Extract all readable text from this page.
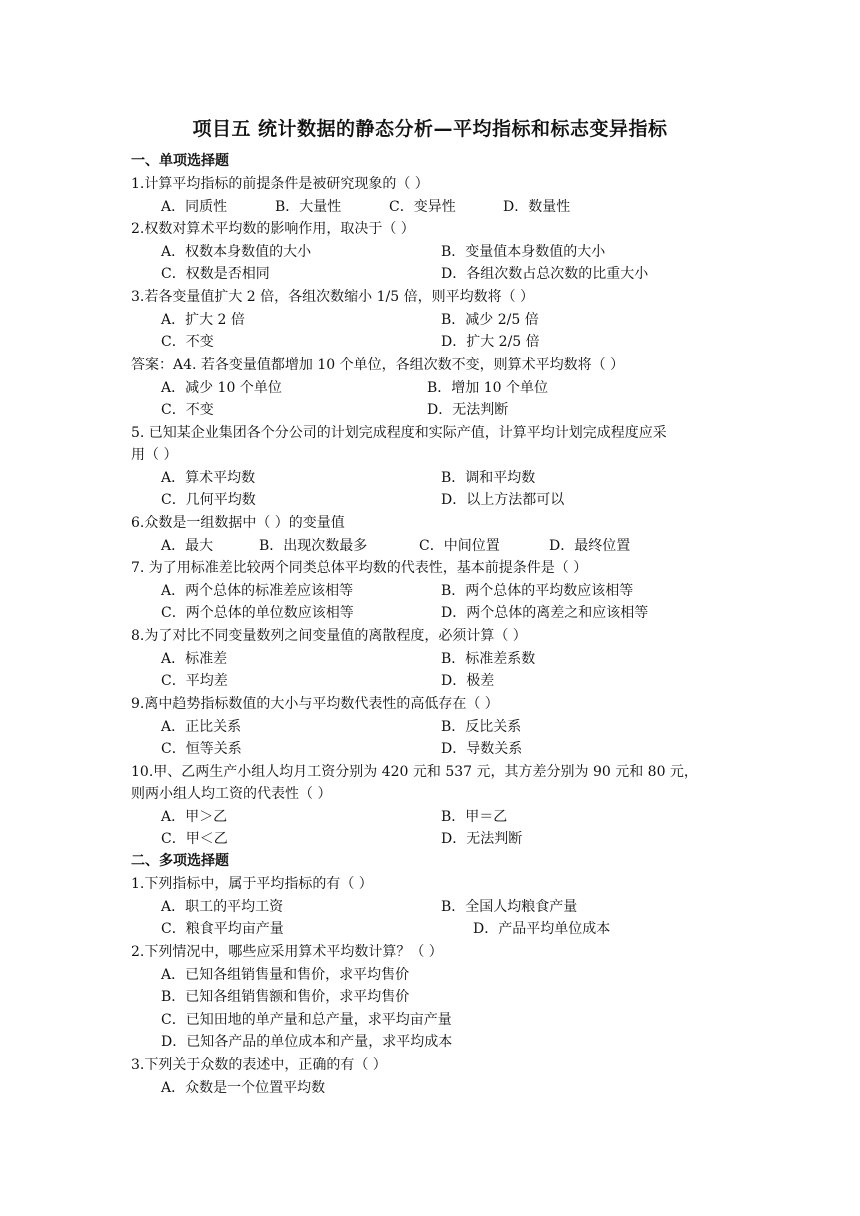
项目五 统计数据的静态分析—平均指标和标志变异指标
一、单项选择题
1.计算平均指标的前提条件是被研究现象的（ ）
A．同质性	B．大量性	C．变异性	D．数量性
2.权数对算术平均数的影响作用，取决于（ ）
A．权数本身数值的大小	B．变量值本身数值的大小
C．权数是否相同	D．各组次数占总次数的比重大小
3.若各变量值扩大 2 倍，各组次数缩小 1/5 倍，则平均数将（ ）
A．扩大 2 倍	B．减少 2/5 倍
C．不变	D．扩大 2/5 倍
答案：A4. 若各变量值都增加 10 个单位，各组次数不变，则算术平均数将（ ）
A．减少 10 个单位	B．增加 10 个单位
C．不变	D．无法判断
5. 已知某企业集团各个分公司的计划完成程度和实际产值，计算平均计划完成程度应采
用（ ）
A．算术平均数	B．调和平均数
C．几何平均数	D．以上方法都可以
6.众数是一组数据中（ ）的变量值
A．最大	B．出现次数最多	C．中间位置	D．最终位置
7. 为了用标准差比较两个同类总体平均数的代表性，基本前提条件是（ ）
A．两个总体的标准差应该相等	B．两个总体的平均数应该相等
C．两个总体的单位数应该相等	D．两个总体的离差之和应该相等
8.为了对比不同变量数列之间变量值的离散程度，必须计算（ ）
A．标准差	B．标准差系数
C．平均差	D．极差
9.离中趋势指标数值的大小与平均数代表性的高低存在（ ）
A．正比关系	B．反比关系
C．恒等关系	D．导数关系
10.甲、乙两生产小组人均月工资分别为 420 元和 537 元，其方差分别为 90 元和 80 元，
则两小组人均工资的代表性（ ）
A．甲＞乙	B．甲＝乙
C．甲＜乙	D．无法判断
二、多项选择题
1.下列指标中，属于平均指标的有（ ）
A．职工的平均工资	B．全国人均粮食产量
C．粮食平均亩产量	D．产品平均单位成本
2.下列情况中，哪些应采用算术平均数计算？（ ）
A．已知各组销售量和售价，求平均售价
B．已知各组销售额和售价，求平均售价
C．已知田地的单产量和总产量，求平均亩产量
D．已知各产品的单位成本和产量，求平均成本
3.下列关于众数的表述中，正确的有（ ）
A．众数是一个位置平均数
